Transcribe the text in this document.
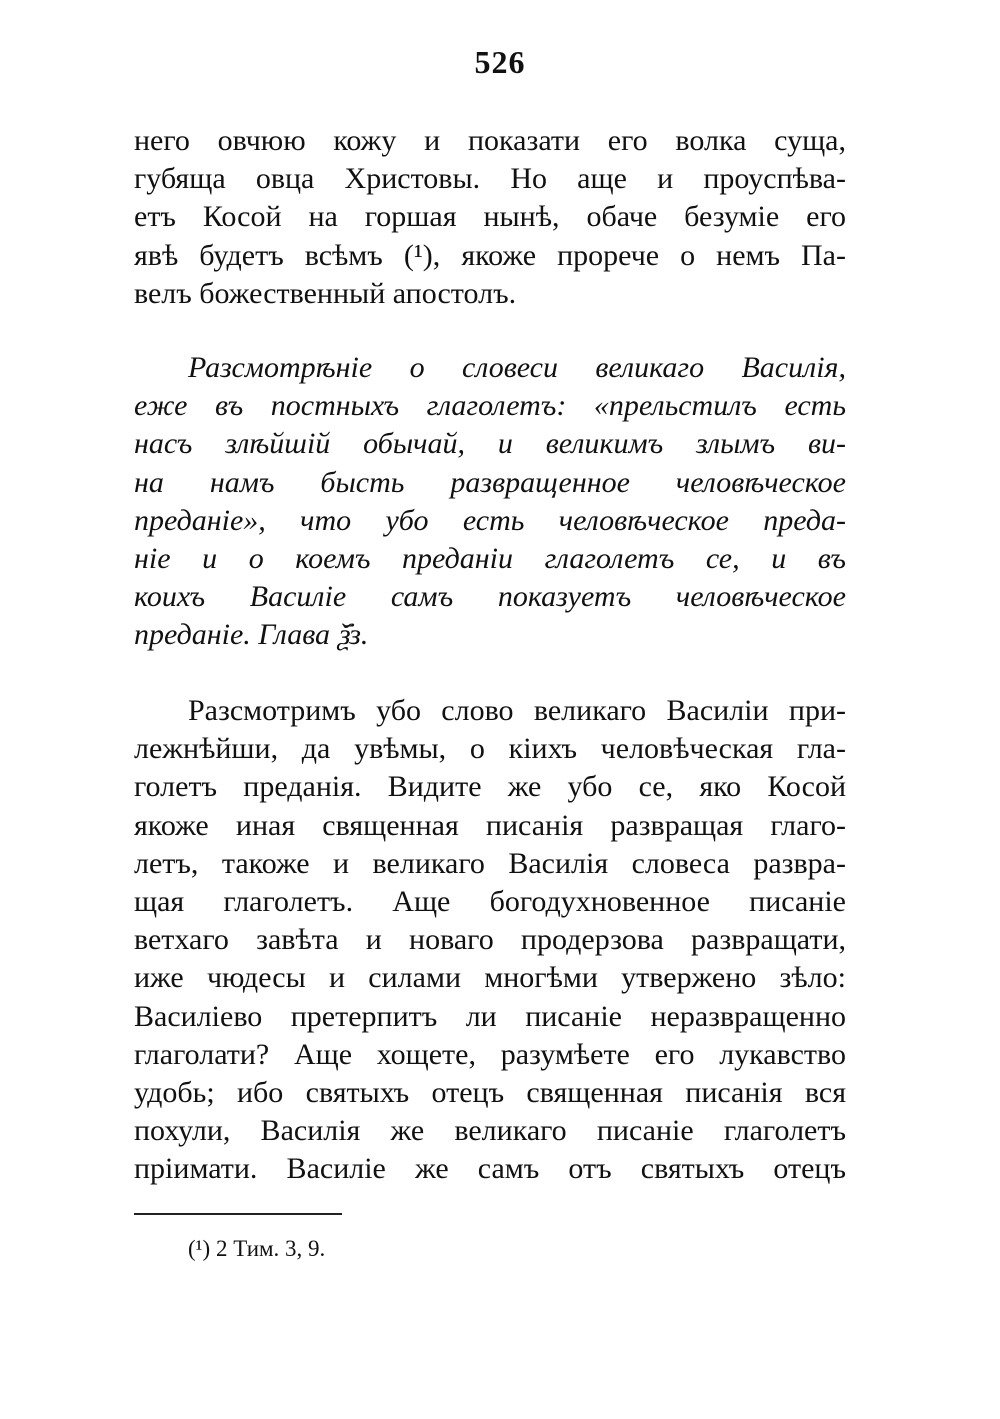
526
него овчюю кожу и показати его волка суща,
губяща овца Христовы. Но аще и проуспѣва-
етъ Косой на горшая нынѣ, обаче безуміе его
явѣ будетъ всѣмъ (¹), якоже прорече о немъ Па-
велъ божественный апостолъ.
Разсмотрѣніе о словеси великаго Василія,
еже въ постныхъ глаголетъ: «прельстилъ есть
насъ злѣйшій обычай, и великимъ злымъ ви-
на намъ бысть развращенное человѣческое
преданіе», что убо есть человѣческое преда-
ніе и о коемъ преданіи глаголетъ се, и въ
коихъ Василіе самъ показуетъ человѣческое
преданіе. Глава ѯ҃з.
Разсмотримъ убо слово великаго Василіи при-
лежнѣйши, да увѣмы, о кіихъ человѣческая гла-
голетъ преданія. Видите же убо се, яко Косой
якоже иная священная писанія развращая глаго-
летъ, такоже и великаго Василія словеса развра-
щая глаголетъ. Аще богодухновенное писаніе
ветхаго завѣта и новаго продерзова развращати,
иже чюдесы и силами многѣми утвержено зѣло:
Василіево претерпитъ ли писаніе неразвращенно
глаголати? Аще хощете, разумѣете его лукавство
удобь; ибо святыхъ отецъ священная писанія вся
похули, Василія же великаго писаніе глаголетъ
пріимати. Василіе же самъ отъ святыхъ отецъ
(¹) 2 Тим. 3, 9.
